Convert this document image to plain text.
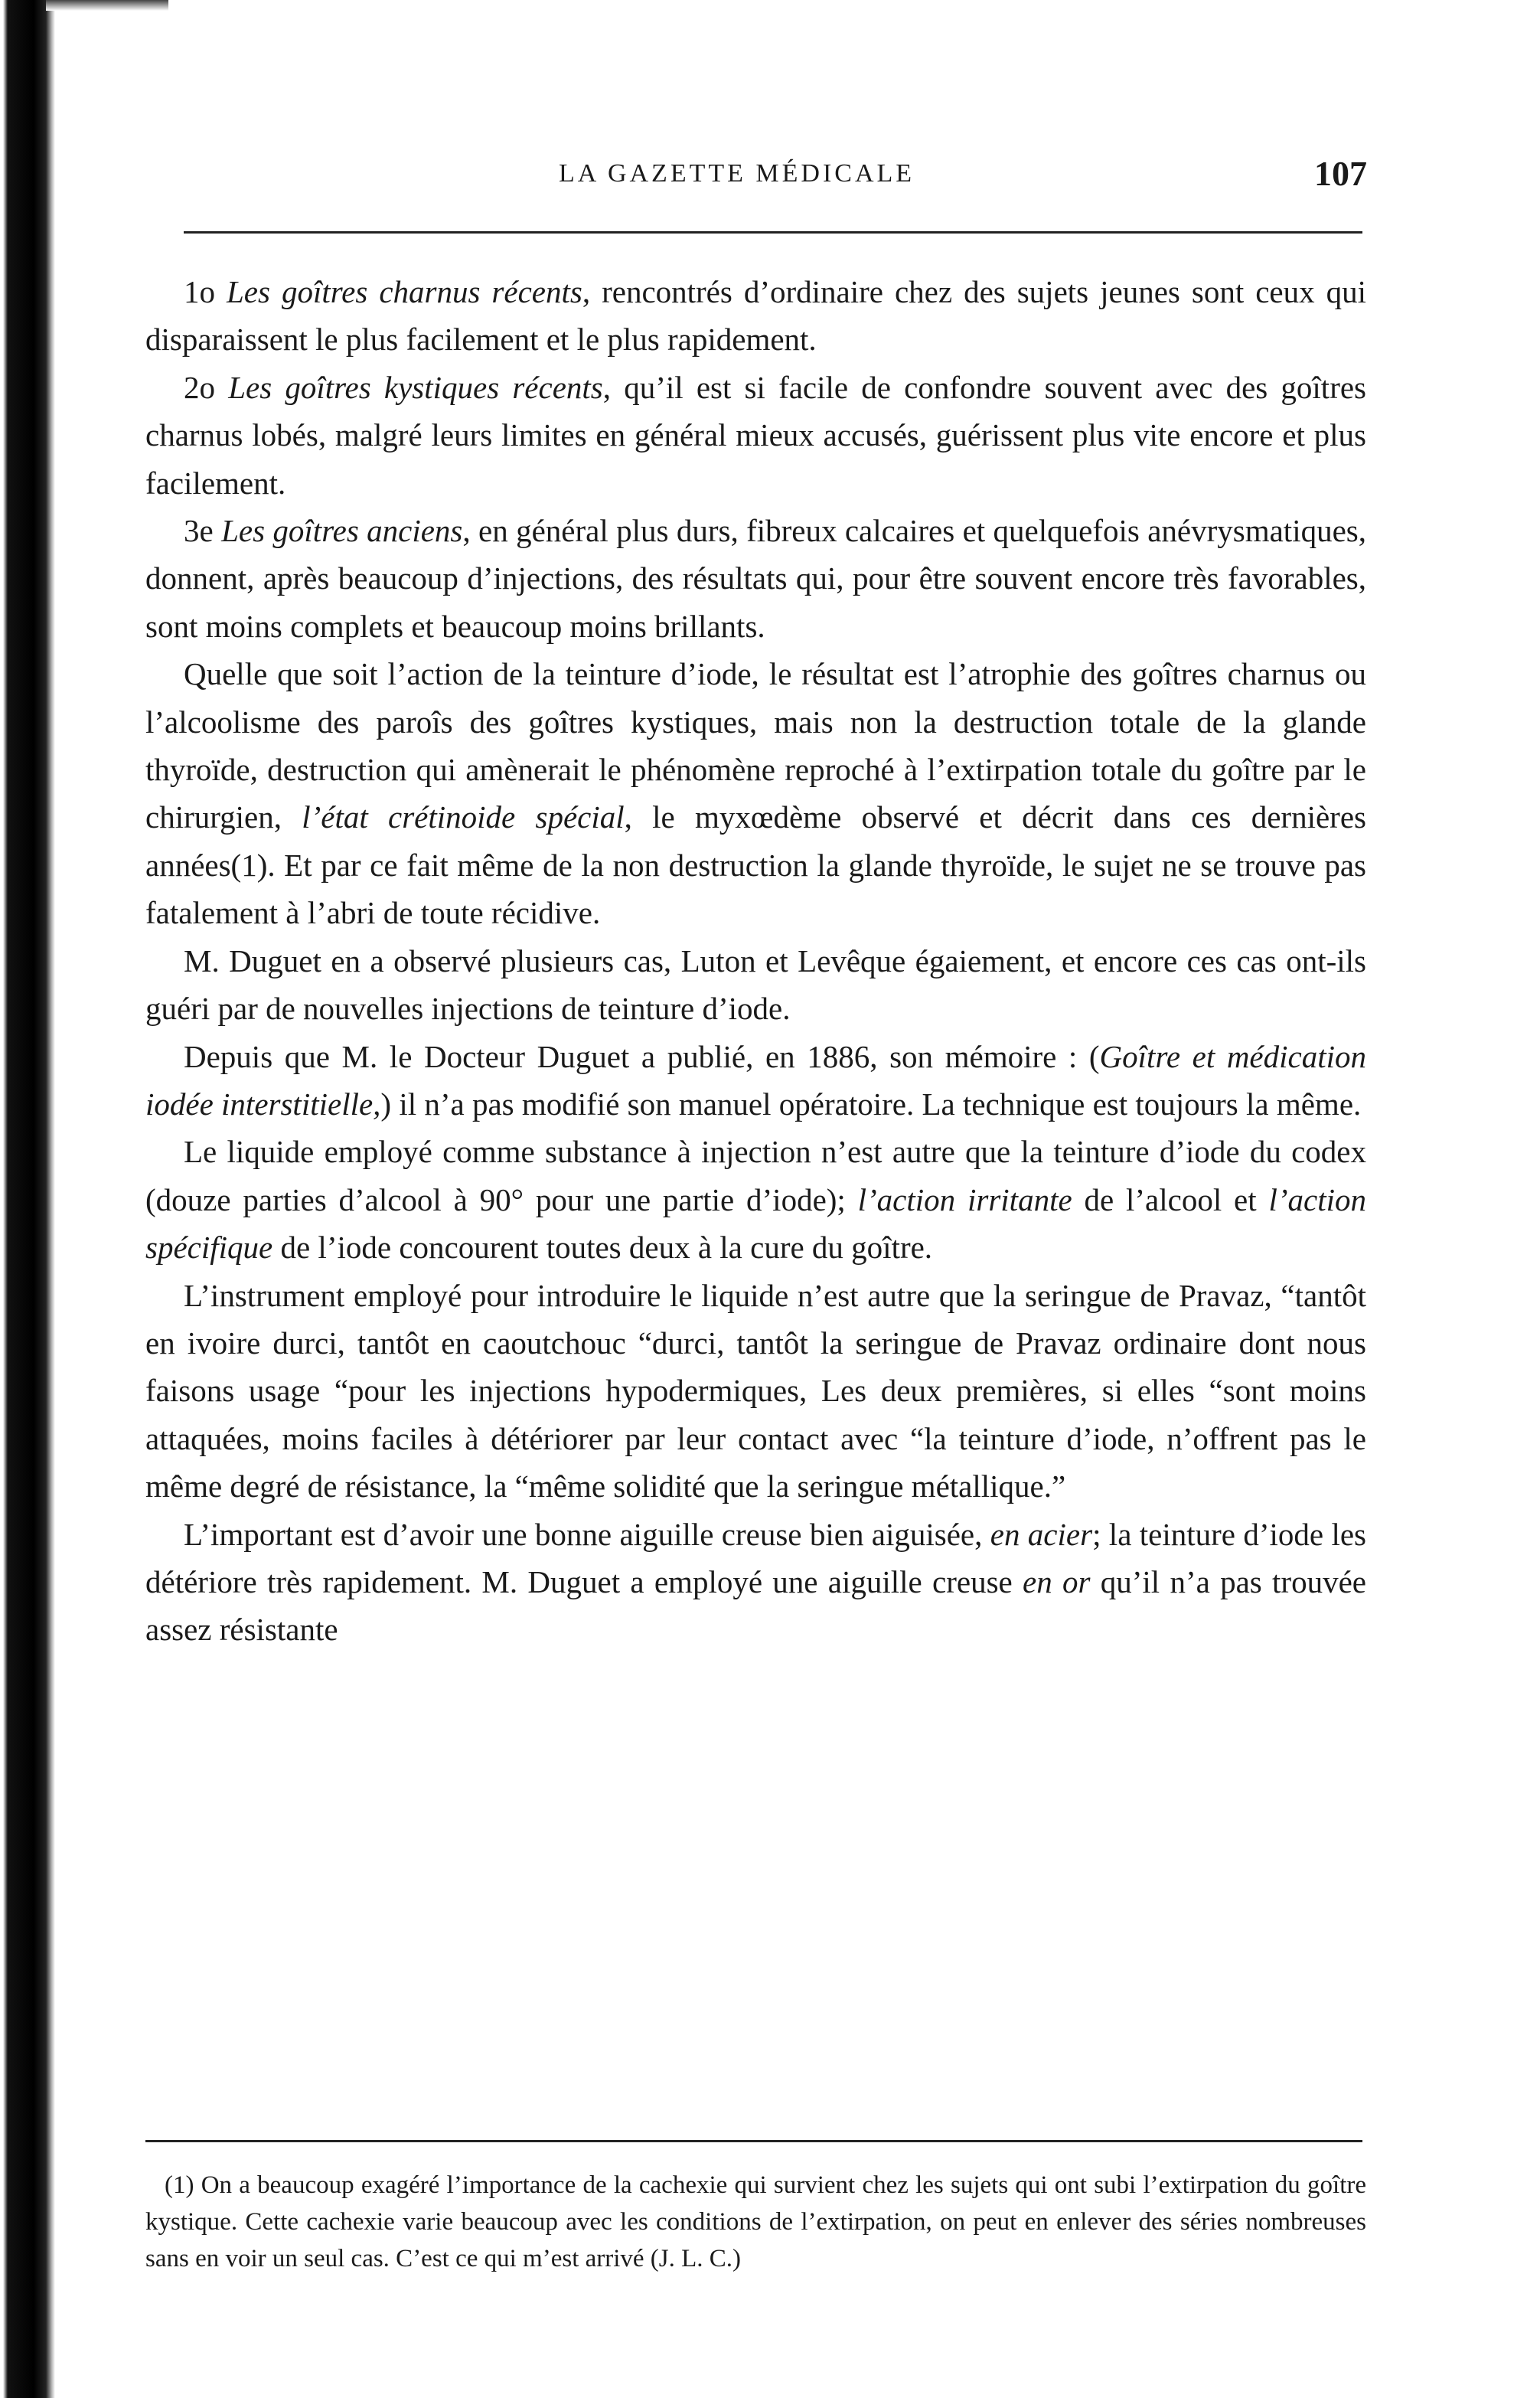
LA GAZETTE MÉDICALE	107

1o Les goîtres charnus récents, rencontrés d’ordinaire chez des sujets jeunes sont ceux qui disparaissent le plus facilement et le plus rapidement.

2o Les goîtres kystiques récents, qu’il est si facile de confondre souvent avec des goîtres charnus lobés, malgré leurs limites en général mieux accusés, guérissent plus vite encore et plus facilement.

3e Les goîtres anciens, en général plus durs, fibreux calcaires et quelquefois anévrysmatiques, donnent, après beaucoup d’injections, des résultats qui, pour être souvent encore très favorables, sont moins complets et beaucoup moins brillants.

Quelle que soit l’action de la teinture d’iode, le résultat est l’atrophie des goîtres charnus ou l’alcoolisme des paroîs des goîtres kystiques, mais non la destruction totale de la glande thyroïde, destruction qui amènerait le phénomène reproché à l’extirpation totale du goître par le chirurgien, l’état crétinoide spécial, le myxœdème observé et décrit dans ces dernières années(1). Et par ce fait même de la non destruction la glande thyroïde, le sujet ne se trouve pas fatalement à l’abri de toute récidive.

M. Duguet en a observé plusieurs cas, Luton et Levêque égaiement, et encore ces cas ont-ils guéri par de nouvelles injections de teinture d’iode.

Depuis que M. le Docteur Duguet a publié, en 1886, son mémoire : (Goître et médication iodée interstitielle,) il n’a pas modifié son manuel opératoire. La technique est toujours la même.

Le liquide employé comme substance à injection n’est autre que la teinture d’iode du codex (douze parties d’alcool à 90° pour une partie d’iode); l’action irritante de l’alcool et l’action spécifique de l’iode concourent toutes deux à la cure du goître.

L’instrument employé pour introduire le liquide n’est autre que la seringue de Pravaz, “tantôt en ivoire durci, tantôt en caoutchouc “durci, tantôt la seringue de Pravaz ordinaire dont nous faisons usage “pour les injections hypodermiques, Les deux premières, si elles “sont moins attaquées, moins faciles à détériorer par leur contact avec “la teinture d’iode, n’offrent pas le même degré de résistance, la “même solidité que la seringue métallique.”

L’important est d’avoir une bonne aiguille creuse bien aiguisée, en acier; la teinture d’iode les détériore très rapidement. M. Duguet a employé une aiguille creuse en or qu’il n’a pas trouvée assez résistante

(1) On a beaucoup exagéré l’importance de la cachexie qui survient chez les sujets qui ont subi l’extirpation du goître kystique. Cette cachexie varie beaucoup avec les conditions de l’extirpation, on peut en enlever des séries nombreuses sans en voir un seul cas. C’est ce qui m’est arrivé (J. L. C.)
